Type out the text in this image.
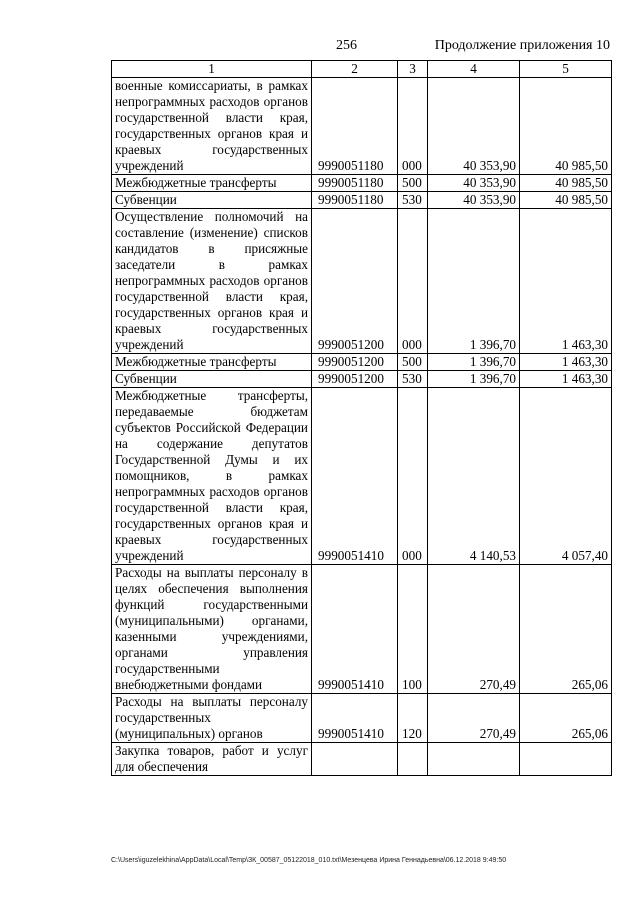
256	Продолжение приложения 10
1	2	3	4	5
военные комиссариаты, в рамках непрограммных расходов органов государственной власти края, государственных органов края и краевых государственных учреждений	9990051180	000	40 353,90	40 985,50
Межбюджетные трансферты	9990051180	500	40 353,90	40 985,50
Субвенции	9990051180	530	40 353,90	40 985,50
Осуществление полномочий на составление (изменение) списков кандидатов в присяжные заседатели в рамках непрограммных расходов органов государственной власти края, государственных органов края и краевых государственных учреждений	9990051200	000	1 396,70	1 463,30
Межбюджетные трансферты	9990051200	500	1 396,70	1 463,30
Субвенции	9990051200	530	1 396,70	1 463,30
Межбюджетные трансферты, передаваемые бюджетам субъектов Российской Федерации на содержание депутатов Государственной Думы и их помощников, в рамках непрограммных расходов органов государственной власти края, государственных органов края и краевых государственных учреждений	9990051410	000	4 140,53	4 057,40
Расходы на выплаты персоналу в целях обеспечения выполнения функций государственными (муниципальными) органами, казенными учреждениями, органами управления государственными внебюджетными фондами	9990051410	100	270,49	265,06
Расходы на выплаты персоналу государственных (муниципальных) органов	9990051410	120	270,49	265,06
Закупка товаров, работ и услуг для обеспечения				
C:\Users\iguzelekhina\AppData\Local\Temp\ЗК_00587_05122018_010.txt\Мезенцева Ирина Геннадьевна\06.12.2018 9:49:50
